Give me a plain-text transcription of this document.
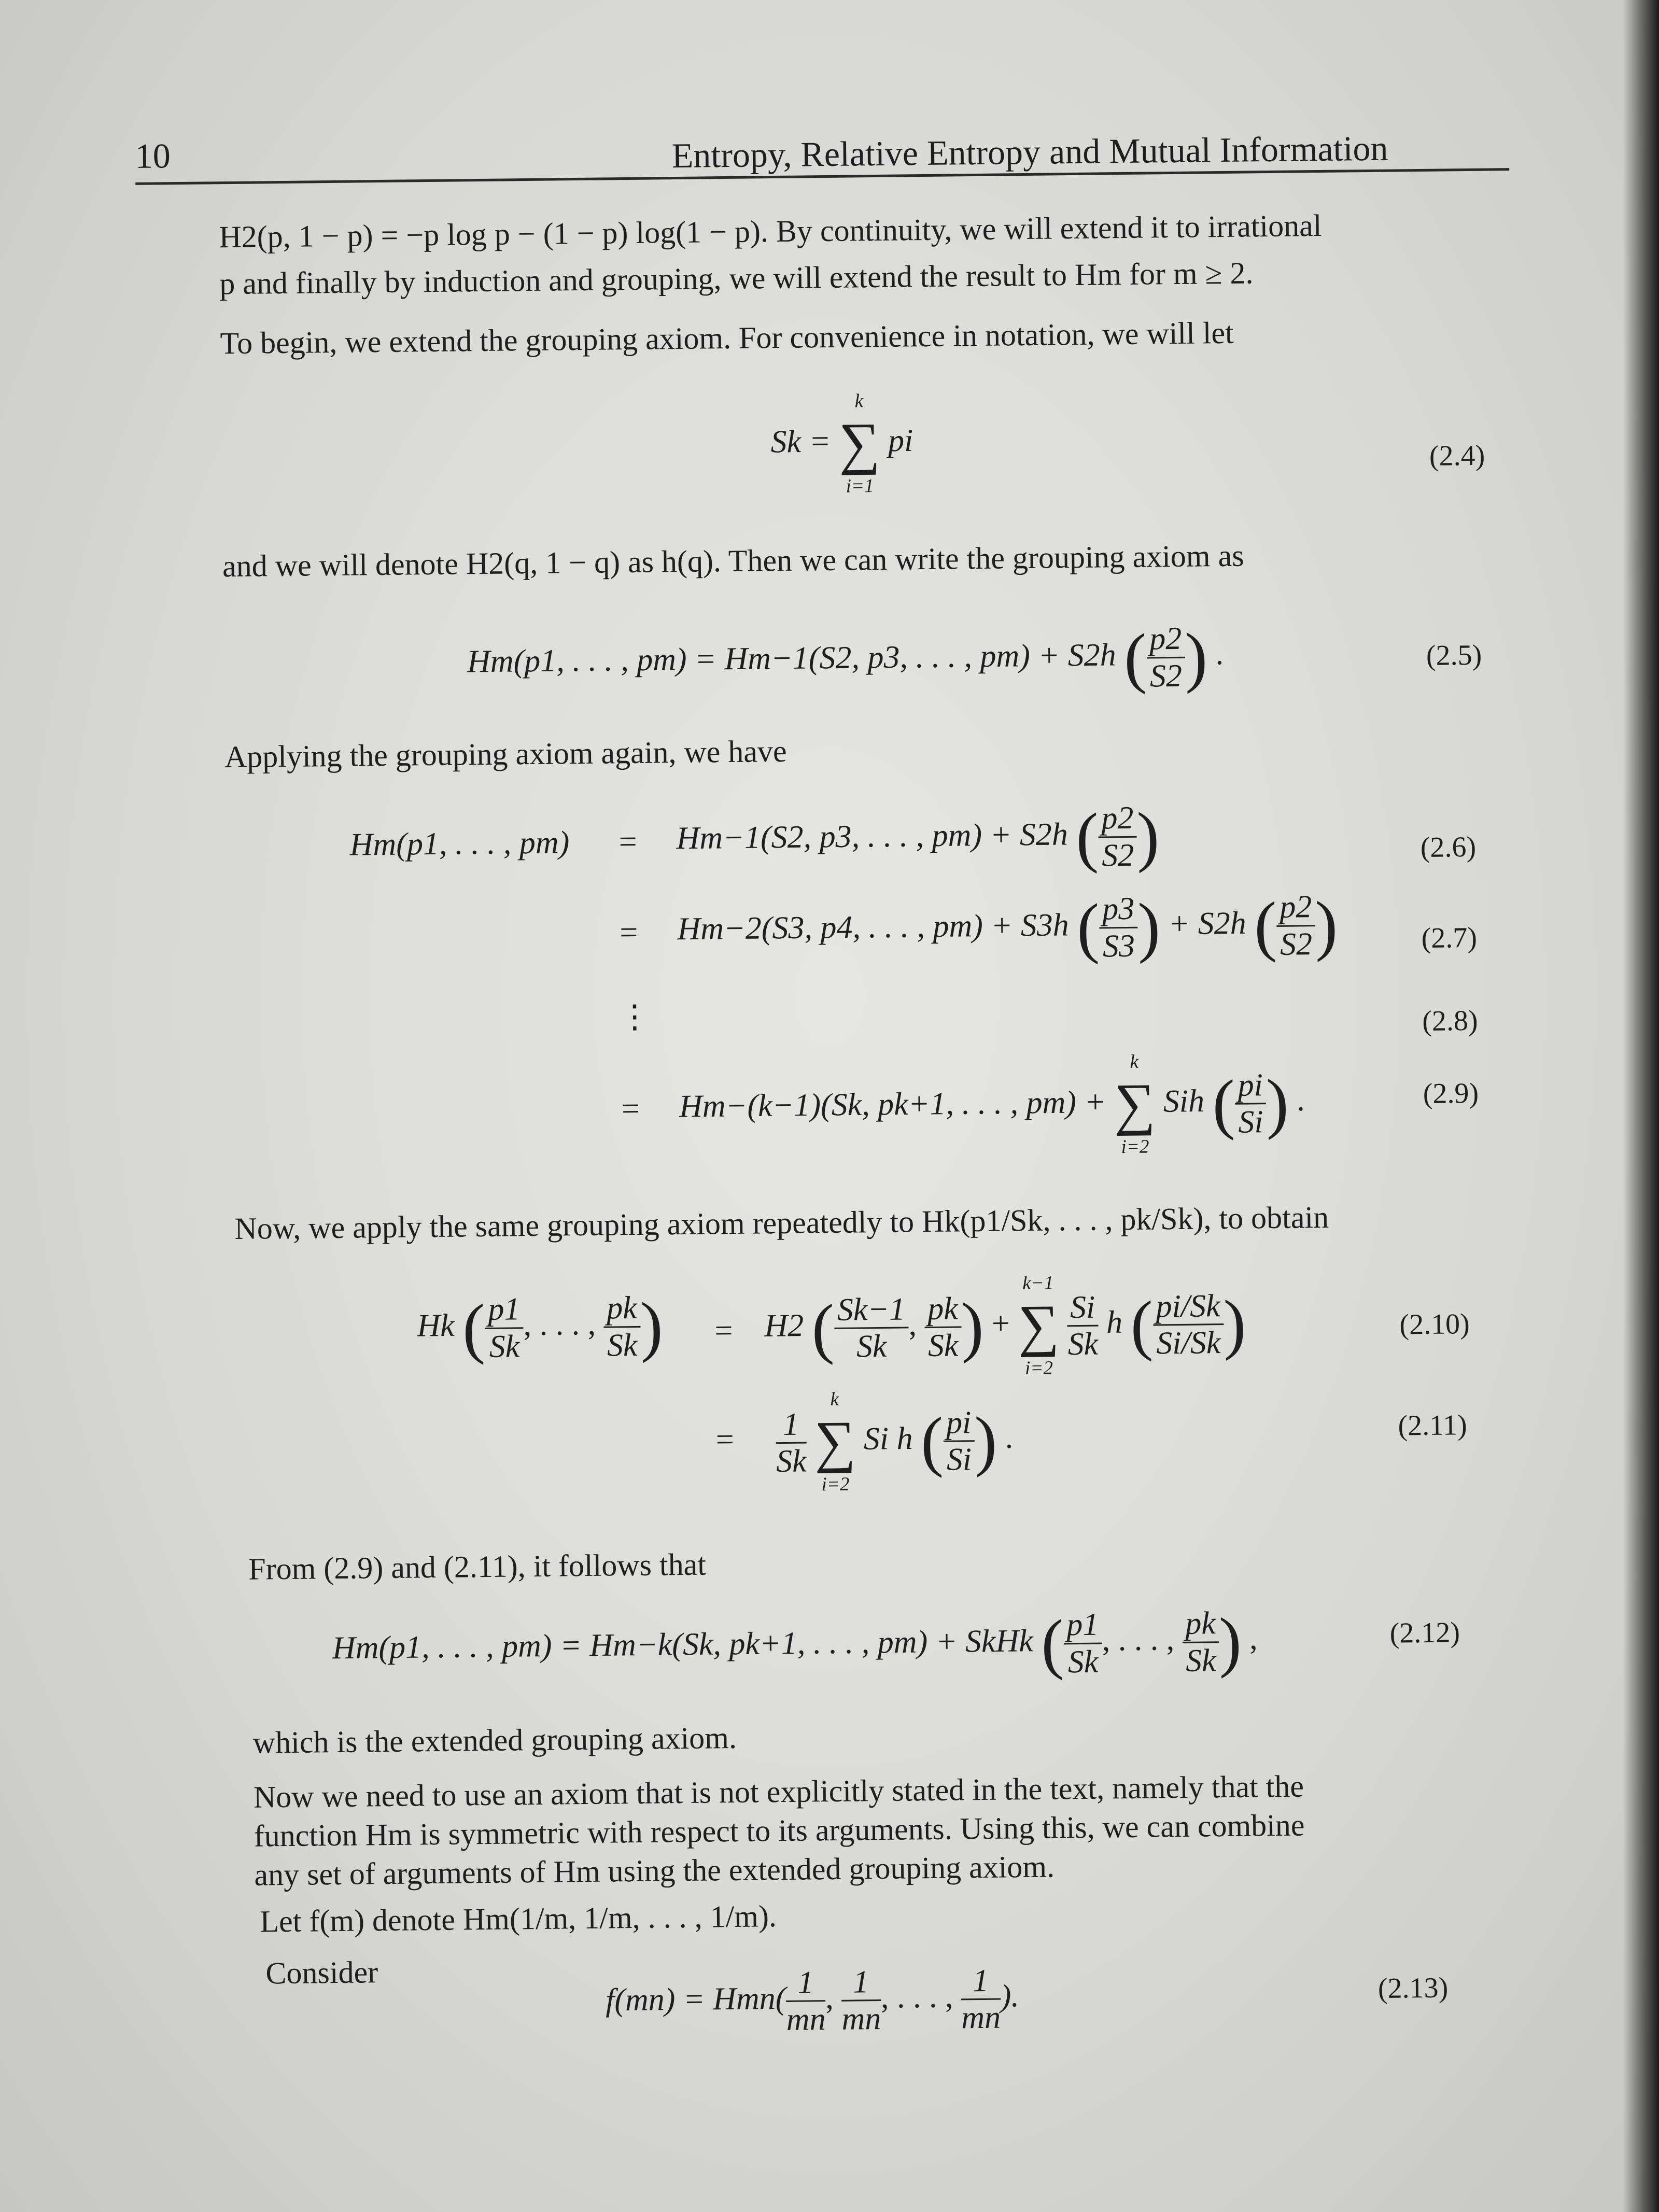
10	Entropy, Relative Entropy and Mutual Information
H2(p, 1 − p) = −p log p − (1 − p) log(1 − p). By continuity, we will extend it to irrational
p and finally by induction and grouping, we will extend the result to Hm for m ≥ 2.
To begin, we extend the grouping axiom. For convenience in notation, we will let
Sk =
k
∑
i=1
pi	(2.4)
and we will denote H2(q, 1 − q) as h(q). Then we can write the grouping axiom as
Hm(p1, . . . , pm) = Hm−1(S2, p3, . . . , pm) + S2h (
$\frac{p2}{S2}$
) .	(2.5)
Applying the grouping axiom again, we have
Hm(p1, . . . , pm) = Hm−1(S2, p3, . . . , pm) + S2h (
$\frac{p2}{S2}$
)	(2.6)
= Hm−2(S3, p4, . . . , pm) + S3h (
$\frac{p3}{S3}$
) + S2h (
$\frac{p2}{S2}$
)	(2.7)
⋮	(2.8)
= Hm−(k−1)(Sk, pk+1, . . . , pm) +
k
∑
i=2
Sih (
$\frac{pi}{Si}$
) .	(2.9)
Now, we apply the same grouping axiom repeatedly to Hk(p1/Sk, . . . , pk/Sk), to obtain
Hk (
$\frac{p1}{Sk}$
, . . . ,
$\frac{pk}{Sk}$
) = H2 (
$\frac{Sk-1}{Sk}$
,
$\frac{pk}{Sk}$
) +
k−1
∑
i=2

$\frac{Si}{Sk}$ h (
$\frac{pi/Sk}{Si/Sk}$
)	(2.10)
= $\frac{1}{Sk}$

k
∑
i=2
Si h (
$\frac{pi}{Si}$
) .	(2.11)
From (2.9) and (2.11), it follows that
Hm(p1, . . . , pm) = Hm−k(Sk, pk+1, . . . , pm) + SkHk (
$\frac{p1}{Sk}$
, . . . ,
$\frac{pk}{Sk}$
) ,	(2.12)
which is the extended grouping axiom.
Now we need to use an axiom that is not explicitly stated in the text, namely that the
function Hm is symmetric with respect to its arguments. Using this, we can combine
any set of arguments of Hm using the extended grouping axiom.
Let f(m) denote Hm(1/m, 1/m, . . . , 1/m).
Consider
f(mn) = Hmn(
$\frac{1}{mn}$
,
$\frac{1}{mn}$
, . . . ,
$\frac{1}{mn}$
).	(2.13)
